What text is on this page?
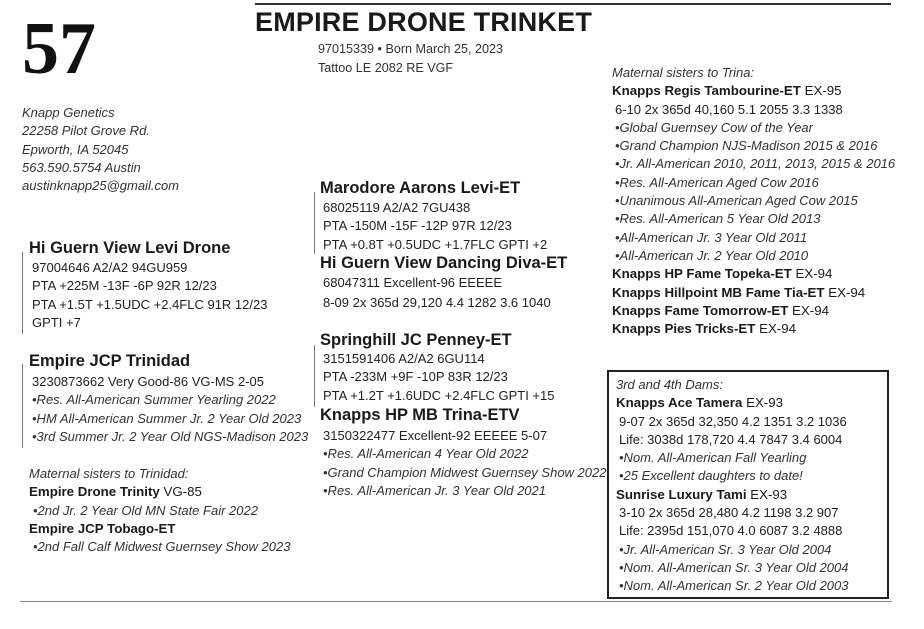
57	EMPIRE DRONE TRINKET
97015339 • Born March 25, 2023
Tattoo LE 2082 RE VGF
Knapp Genetics
22258 Pilot Grove Rd.
Epworth, IA 52045
563.590.5754 Austin
austinknapp25@gmail.com
Hi Guern View Levi Drone
97004646 A2/A2 94GU959
PTA +225M -13F -6P 92R 12/23
PTA +1.5T +1.5UDC +2.4FLC 91R 12/23
GPTI +7
Empire JCP Trinidad
3230873662 Very Good-86 VG-MS 2-05
•Res. All-American Summer Yearling 2022
•HM All-American Summer Jr. 2 Year Old 2023
•3rd Summer Jr. 2 Year Old NGS-Madison 2023
Maternal sisters to Trinidad:
Empire Drone Trinity VG-85
•2nd Jr. 2 Year Old MN State Fair 2022
Empire JCP Tobago-ET
•2nd Fall Calf Midwest Guernsey Show 2023
Marodore Aarons Levi-ET
68025119 A2/A2 7GU438
PTA -150M -15F -12P 97R 12/23
PTA +0.8T +0.5UDC +1.7FLC GPTI +2
Hi Guern View Dancing Diva-ET
68047311 Excellent-96 EEEEE
8-09 2x 365d 29,120 4.4 1282 3.6 1040
Springhill JC Penney-ET
3151591406 A2/A2 6GU114
PTA -233M +9F -10P 83R 12/23
PTA +1.2T +1.6UDC +2.4FLC GPTI +15
Knapps HP MB Trina-ETV
3150322477 Excellent-92 EEEEE 5-07
•Res. All-American 4 Year Old 2022
•Grand Champion Midwest Guernsey Show 2022
•Res. All-American Jr. 3 Year Old 2021
Maternal sisters to Trina:
Knapps Regis Tambourine-ET EX-95
6-10 2x 365d 40,160 5.1 2055 3.3 1338
•Global Guernsey Cow of the Year
•Grand Champion NJS-Madison 2015 & 2016
•Jr. All-American 2010, 2011, 2013, 2015 & 2016
•Res. All-American Aged Cow 2016
•Unanimous All-American Aged Cow 2015
•Res. All-American 5 Year Old 2013
•All-American Jr. 3 Year Old 2011
•All-American Jr. 2 Year Old 2010
Knapps HP Fame Topeka-ET EX-94
Knapps Hillpoint MB Fame Tia-ET EX-94
Knapps Fame Tomorrow-ET EX-94
Knapps Pies Tricks-ET EX-94
3rd and 4th Dams:
Knapps Ace Tamera EX-93
9-07 2x 365d 32,350 4.2 1351 3.2 1036
Life: 3038d 178,720 4.4 7847 3.4 6004
•Nom. All-American Fall Yearling
•25 Excellent daughters to date!
Sunrise Luxury Tami EX-93
3-10 2x 365d 28,480 4.2 1198 3.2 907
Life: 2395d 151,070 4.0 6087 3.2 4888
•Jr. All-American Sr. 3 Year Old 2004
•Nom. All-American Sr. 3 Year Old 2004
•Nom. All-American Sr. 2 Year Old 2003
